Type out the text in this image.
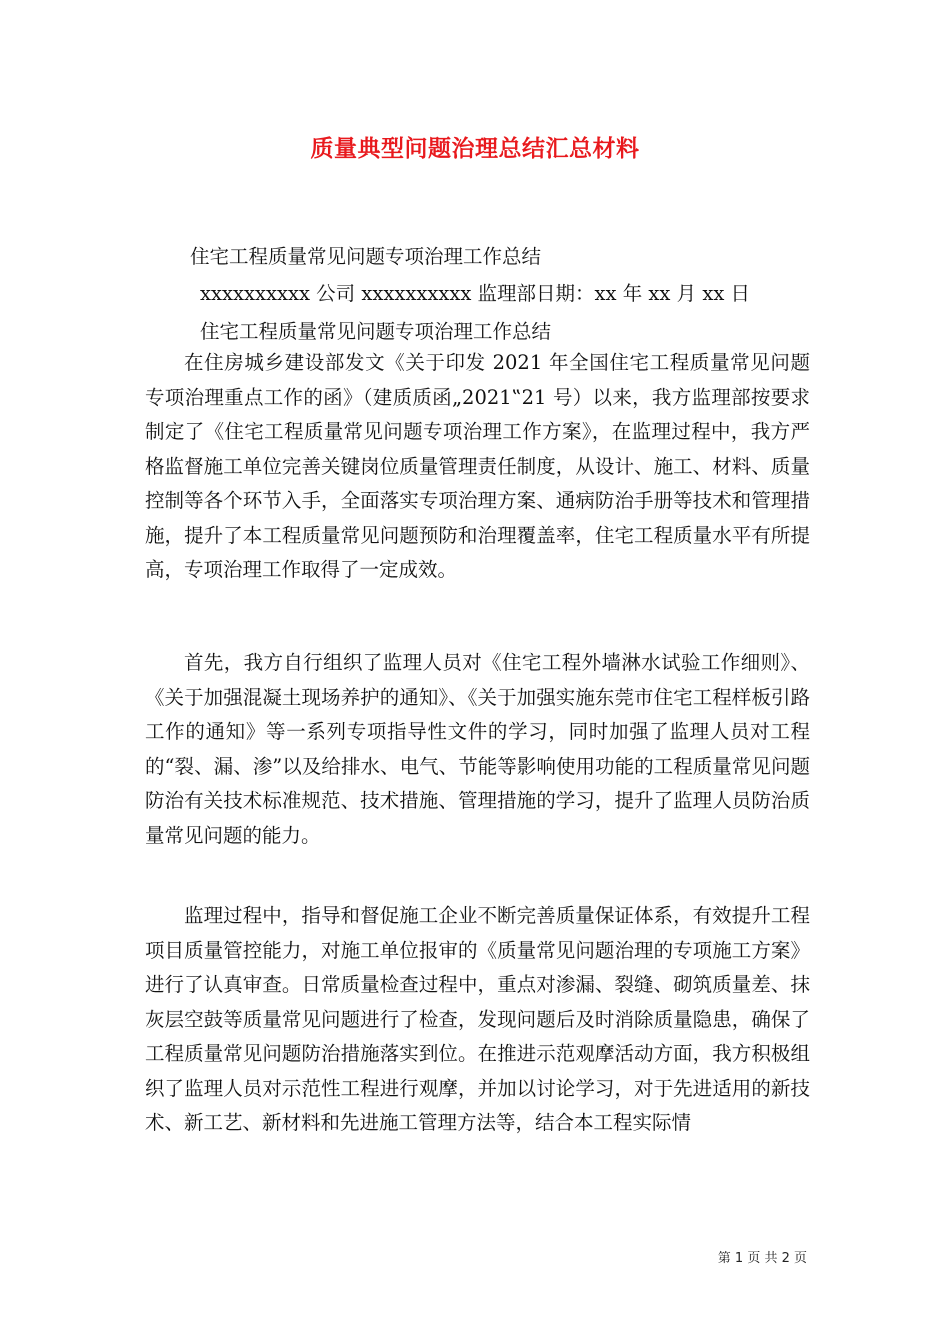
质量典型问题治理总结汇总材料
住宅工程质量常见问题专项治理工作总结
xxxxxxxxxx 公司 xxxxxxxxxx 监理部日期：xx 年 xx 月 xx 日
住宅工程质量常见问题专项治理工作总结
在住房城乡建设部发文《关于印发 2021 年全国住宅工程质量常见问题专项治理重点工作的函》（建质质函„2021‟21 号）以来，我方监理部按要求制定了《住宅工程质量常见问题专项治理工作方案》，在监理过程中，我方严格监督施工单位完善关键岗位质量管理责任制度，从设计、施工、材料、质量控制等各个环节入手，全面落实专项治理方案、通病防治手册等技术和管理措施，提升了本工程质量常见问题预防和治理覆盖率，住宅工程质量水平有所提高，专项治理工作取得了一定成效。
首先，我方自行组织了监理人员对《住宅工程外墙淋水试验工作细则》、《关于加强混凝土现场养护的通知》、《关于加强实施东莞市住宅工程样板引路工作的通知》等一系列专项指导性文件的学习，同时加强了监理人员对工程的“裂、漏、渗”以及给排水、电气、节能等影响使用功能的工程质量常见问题防治有关技术标准规范、技术措施、管理措施的学习，提升了监理人员防治质量常见问题的能力。
监理过程中，指导和督促施工企业不断完善质量保证体系，有效提升工程项目质量管控能力，对施工单位报审的《质量常见问题治理的专项施工方案》进行了认真审查。日常质量检查过程中，重点对渗漏、裂缝、砌筑质量差、抹灰层空鼓等质量常见问题进行了检查，发现问题后及时消除质量隐患，确保了工程质量常见问题防治措施落实到位。在推进示范观摩活动方面，我方积极组织了监理人员对示范性工程进行观摩，并加以讨论学习，对于先进适用的新技术、新工艺、新材料和先进施工管理方法等，结合本工程实际情
第 1 页 共 2 页
